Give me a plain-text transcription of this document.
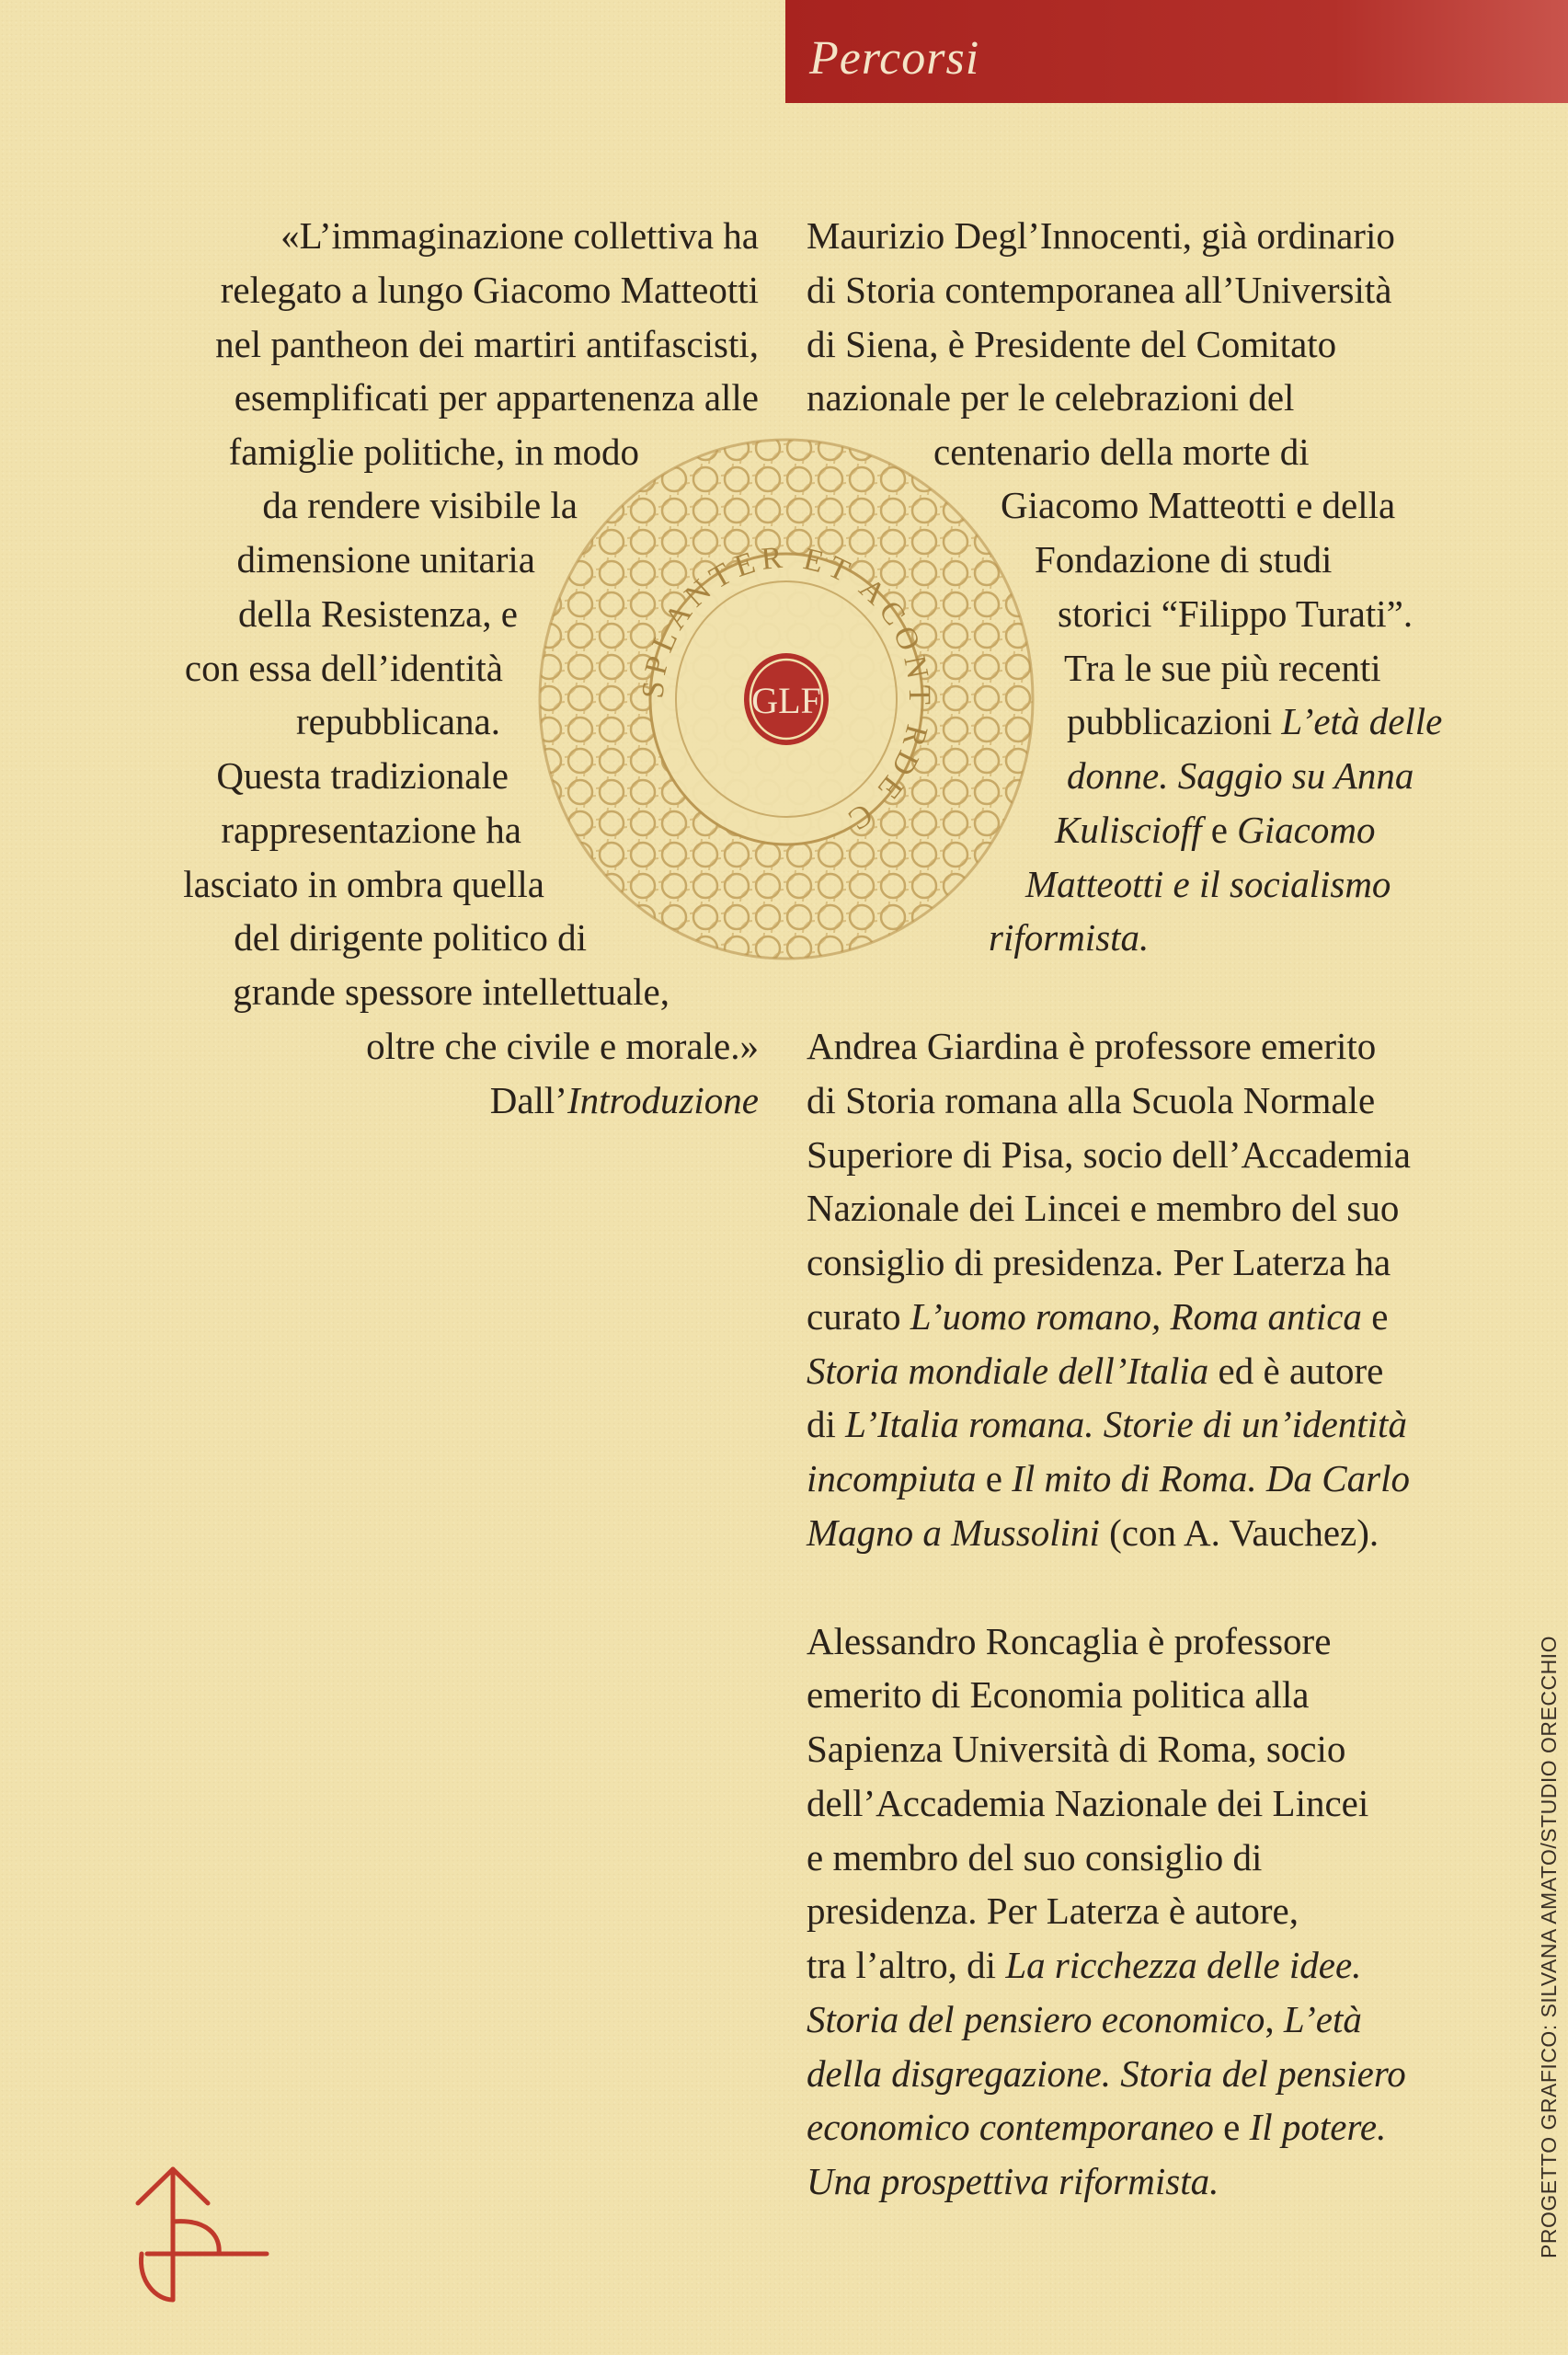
Percorsi
SPLANTER ET ACONT RDE C
GLF
«L’immaginazione collettiva ha
relegato a lungo Giacomo Matteotti
nel pantheon dei martiri antifascisti,
esemplificati per appartenenza alle
famiglie politiche, in modo
da rendere visibile la
dimensione unitaria
della Resistenza, e
con essa dell’identità
repubblicana.
Questa tradizionale
rappresentazione ha
lasciato in ombra quella
del dirigente politico di
grande spessore intellettuale,
oltre che civile e morale.»
Dall’Introduzione
Maurizio Degl’Innocenti, già ordinario
di Storia contemporanea all’Università
di Siena, è Presidente del Comitato
nazionale per le celebrazioni del
centenario della morte di
Giacomo Matteotti e della
Fondazione di studi
storici “Filippo Turati”.
Tra le sue più recenti
pubblicazioni L’età delle
donne. Saggio su Anna
Kuliscioff e Giacomo
Matteotti e il socialismo
riformista.
Andrea Giardina è professore emerito
di Storia romana alla Scuola Normale
Superiore di Pisa, socio dell’Accademia
Nazionale dei Lincei e membro del suo
consiglio di presidenza. Per Laterza ha
curato L’uomo romano, Roma antica e
Storia mondiale dell’Italia ed è autore
di L’Italia romana. Storie di un’identità
incompiuta e Il mito di Roma. Da Carlo
Magno a Mussolini (con A. Vauchez).
Alessandro Roncaglia è professore
emerito di Economia politica alla
Sapienza Università di Roma, socio
dell’Accademia Nazionale dei Lincei
e membro del suo consiglio di
presidenza. Per Laterza è autore,
tra l’altro, di La ricchezza delle idee.
Storia del pensiero economico, L’età
della disgregazione. Storia del pensiero
economico contemporaneo e Il potere.
Una prospettiva riformista.	PROGETTO GRAFICO: SILVANA AMATO/STUDIO ORECCHIO
